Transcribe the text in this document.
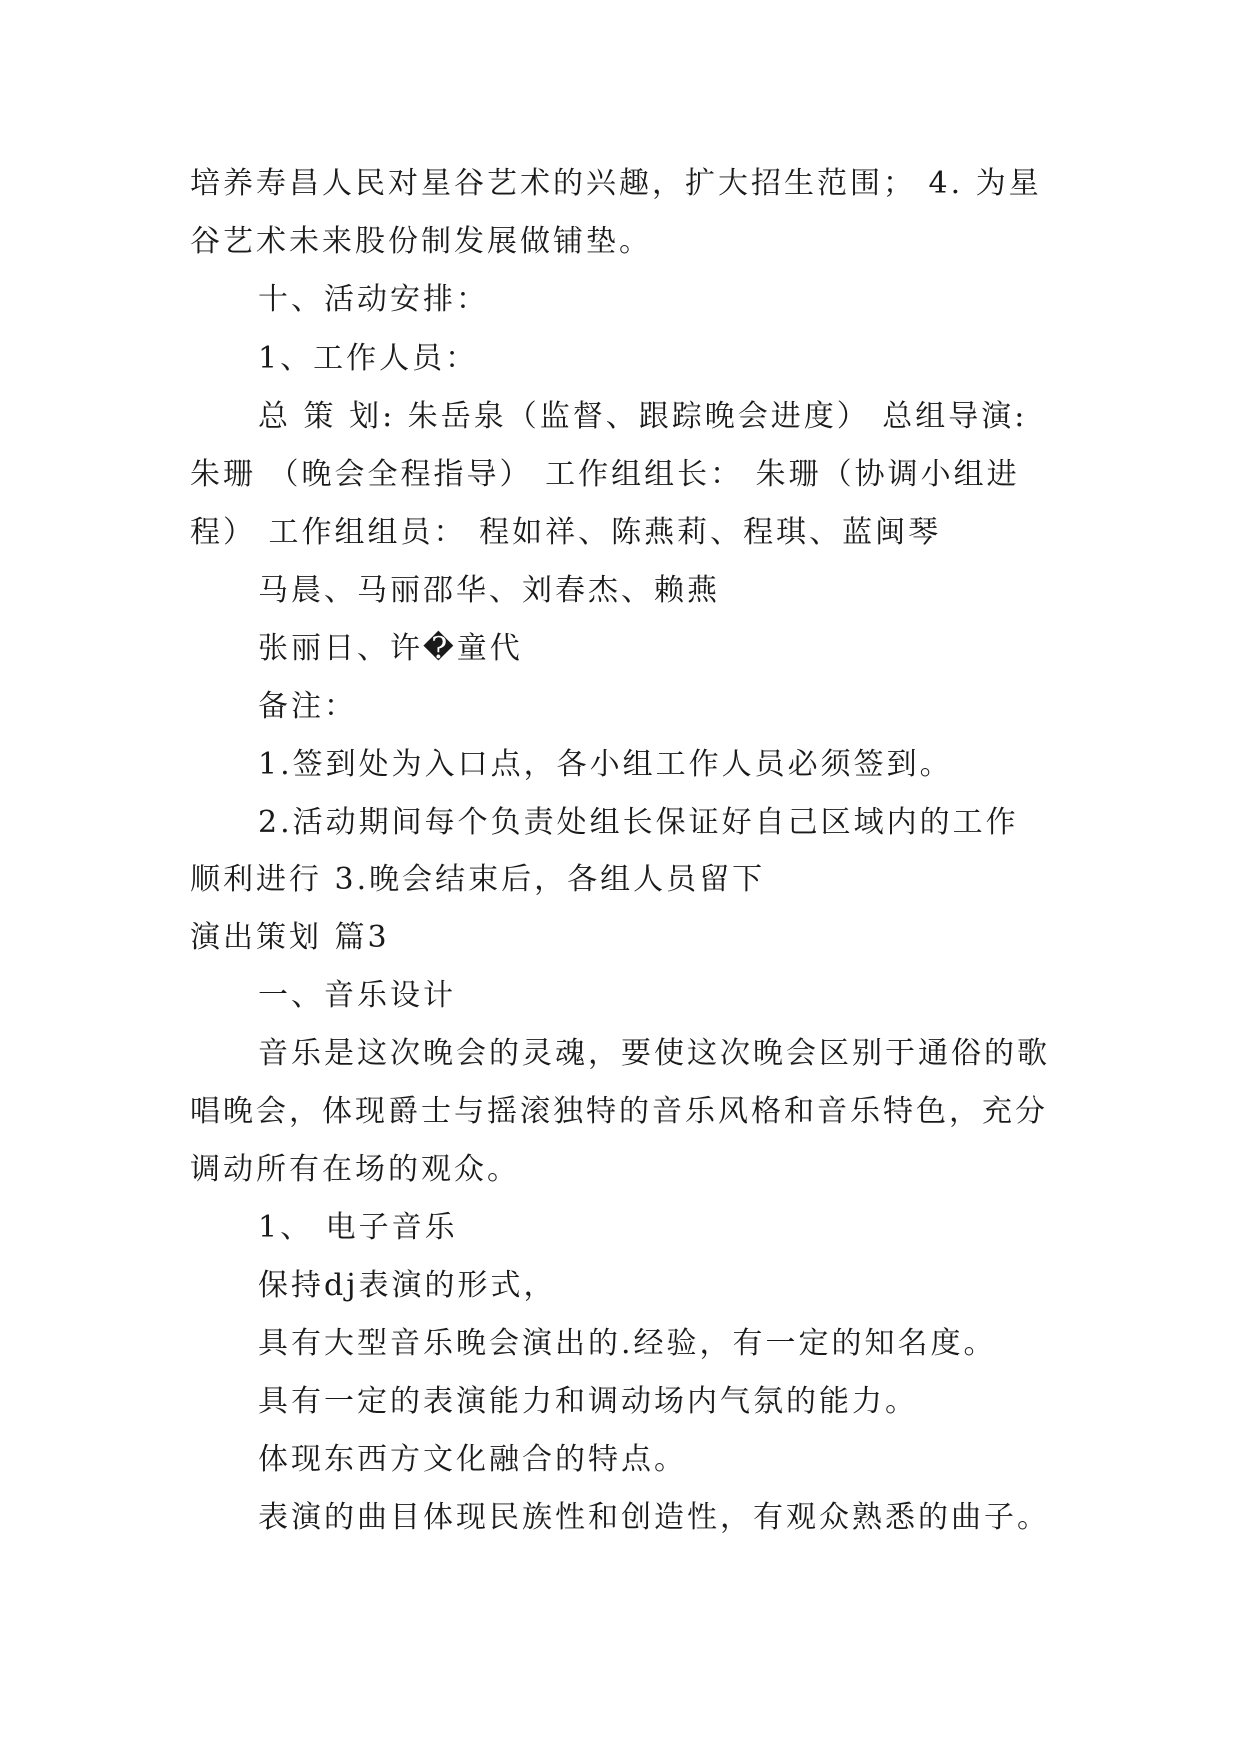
培养寿昌人民对星谷艺术的兴趣，扩大招生范围； 4. 为星
谷艺术未来股份制发展做铺垫。
十、活动安排：
1、工作人员：
总 策 划: 朱岳泉（监督、跟踪晚会进度） 总组导演:
朱珊 （晚会全程指导） 工作组组长： 朱珊（协调小组进
程） 工作组组员： 程如祥、陈燕莉、程琪、蓝闽琴
马晨、马丽邵华、刘春杰、赖燕
张丽日、许�童代
备注：
1.签到处为入口点，各小组工作人员必须签到。
2.活动期间每个负责处组长保证好自己区域内的工作
顺利进行 3.晚会结束后，各组人员留下
演出策划 篇3
一、音乐设计
音乐是这次晚会的灵魂，要使这次晚会区别于通俗的歌
唱晚会，体现爵士与摇滚独特的音乐风格和音乐特色，充分
调动所有在场的观众。
1、 电子音乐
保持dj表演的形式，
具有大型音乐晚会演出的.经验，有一定的知名度。
具有一定的表演能力和调动场内气氛的能力。
体现东西方文化融合的特点。
表演的曲目体现民族性和创造性，有观众熟悉的曲子。
